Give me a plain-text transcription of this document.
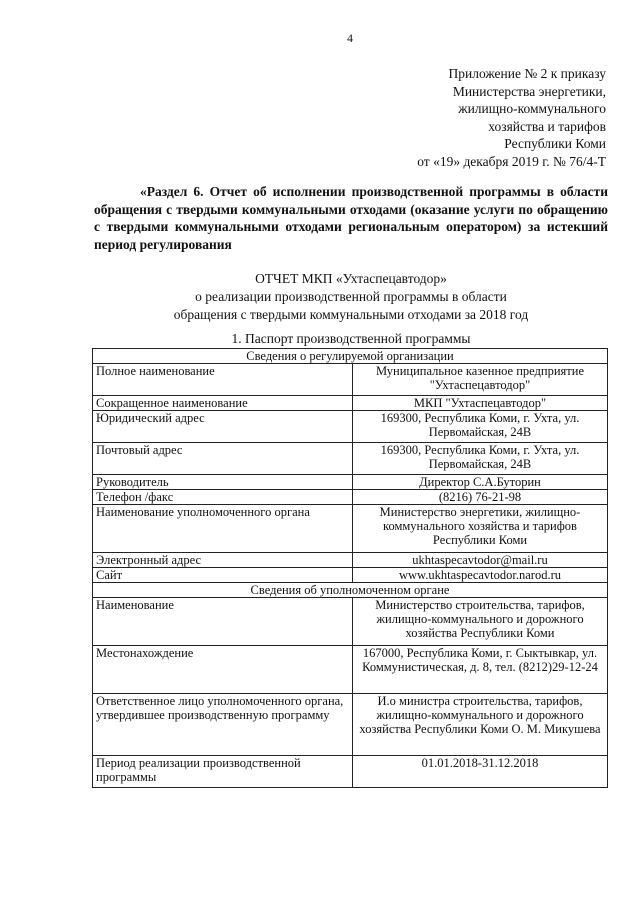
4
Приложение № 2 к приказу
Министерства энергетики,
жилищно-коммунального
хозяйства и тарифов
Республики Коми
от «19» декабря 2019 г. № 76/4-Т
«Раздел 6. Отчет об исполнении производственной программы в области обращения с твердыми коммунальными отходами (оказание услуги по обращению с твердыми коммунальными отходами региональным оператором) за истекший период регулирования
ОТЧЕТ МКП «Ухтаспецавтодор»
о реализации производственной программы в области
обращения с твердыми коммунальными отходами за 2018 год
1. Паспорт производственной программы
Сведения о регулируемой организации	
Полное наименование	Муниципальное казенное предприятие "Ухтаспецавтодор"
Сокращенное наименование	МКП "Ухтаспецавтодор"
Юридический адрес	169300, Республика Коми, г. Ухта, ул. Первомайская, 24В
Почтовый адрес	169300, Республика Коми, г. Ухта, ул. Первомайская, 24В
Руководитель	Директор С.А.Буторин
Телефон /факс	(8216) 76-21-98
Наименование уполномоченного органа	Министерство энергетики, жилищно-коммунального хозяйства и тарифов Республики Коми
Электронный адрес	ukhtaspecavtodor@mail.ru
Сайт	www.ukhtaspecavtodor.narod.ru
Сведения об уполномоченном органе	
Наименование	Министерство строительства, тарифов, жилищно-коммунального и дорожного хозяйства Республики Коми
Местонахождение	167000, Республика Коми, г. Сыктывкар, ул. Коммунистическая, д. 8, тел. (8212)29-12-24
Ответственное лицо уполномоченного органа, утвердившее производственную программу	И.о министра строительства, тарифов, жилищно-коммунального и дорожного хозяйства Республики Коми О. М. Микушева
Период реализации производственной программы	01.01.2018-31.12.2018
